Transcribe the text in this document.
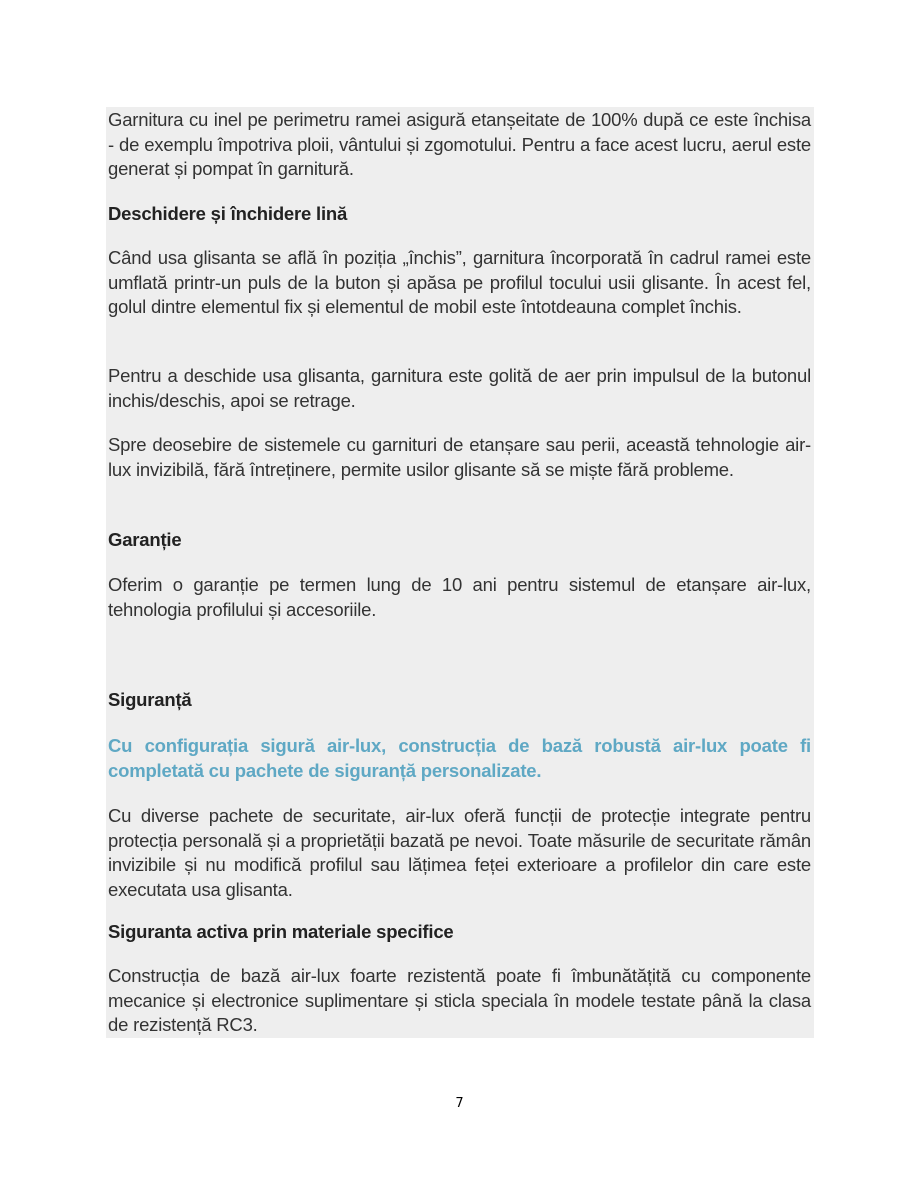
Garnitura cu inel pe perimetru ramei asigură etanșeitate de 100% după ce este închisa - de exemplu împotriva ploii, vântului și zgomotului. Pentru a face acest lucru, aerul este generat și pompat în garnitură.
Deschidere și închidere lină
Când usa glisanta se află în poziția „închis”, garnitura încorporată în cadrul ramei este umflată printr-un puls de la buton și apăsa pe profilul tocului usii glisante. În acest fel, golul dintre elementul fix și elementul de mobil este întotdeauna complet închis.
Pentru a deschide usa glisanta, garnitura este golită de aer prin impulsul de la butonul inchis/deschis, apoi se retrage.
Spre deosebire de sistemele cu garnituri de etanșare sau perii, această tehnologie air-lux invizibilă, fără întreținere, permite usilor glisante să se miște fără probleme.
Garanție
Oferim o garanție pe termen lung de 10 ani pentru sistemul de etanșare air-lux, tehnologia profilului și accesoriile.
Siguranță
Cu configurația sigură air-lux, construcția de bază robustă air-lux poate fi completată cu pachete de siguranță personalizate.
Cu diverse pachete de securitate, air-lux oferă funcții de protecție integrate pentru protecția personală și a proprietății bazată pe nevoi. Toate măsurile de securitate rămân invizibile și nu modifică profilul sau lățimea feței exterioare a profilelor din care este executata usa glisanta.
Siguranta activa prin materiale specifice
Construcția de bază air-lux foarte rezistentă poate fi îmbunătățită cu componente mecanice și electronice suplimentare și sticla speciala în modele testate până la clasa de rezistență RC3.
7
